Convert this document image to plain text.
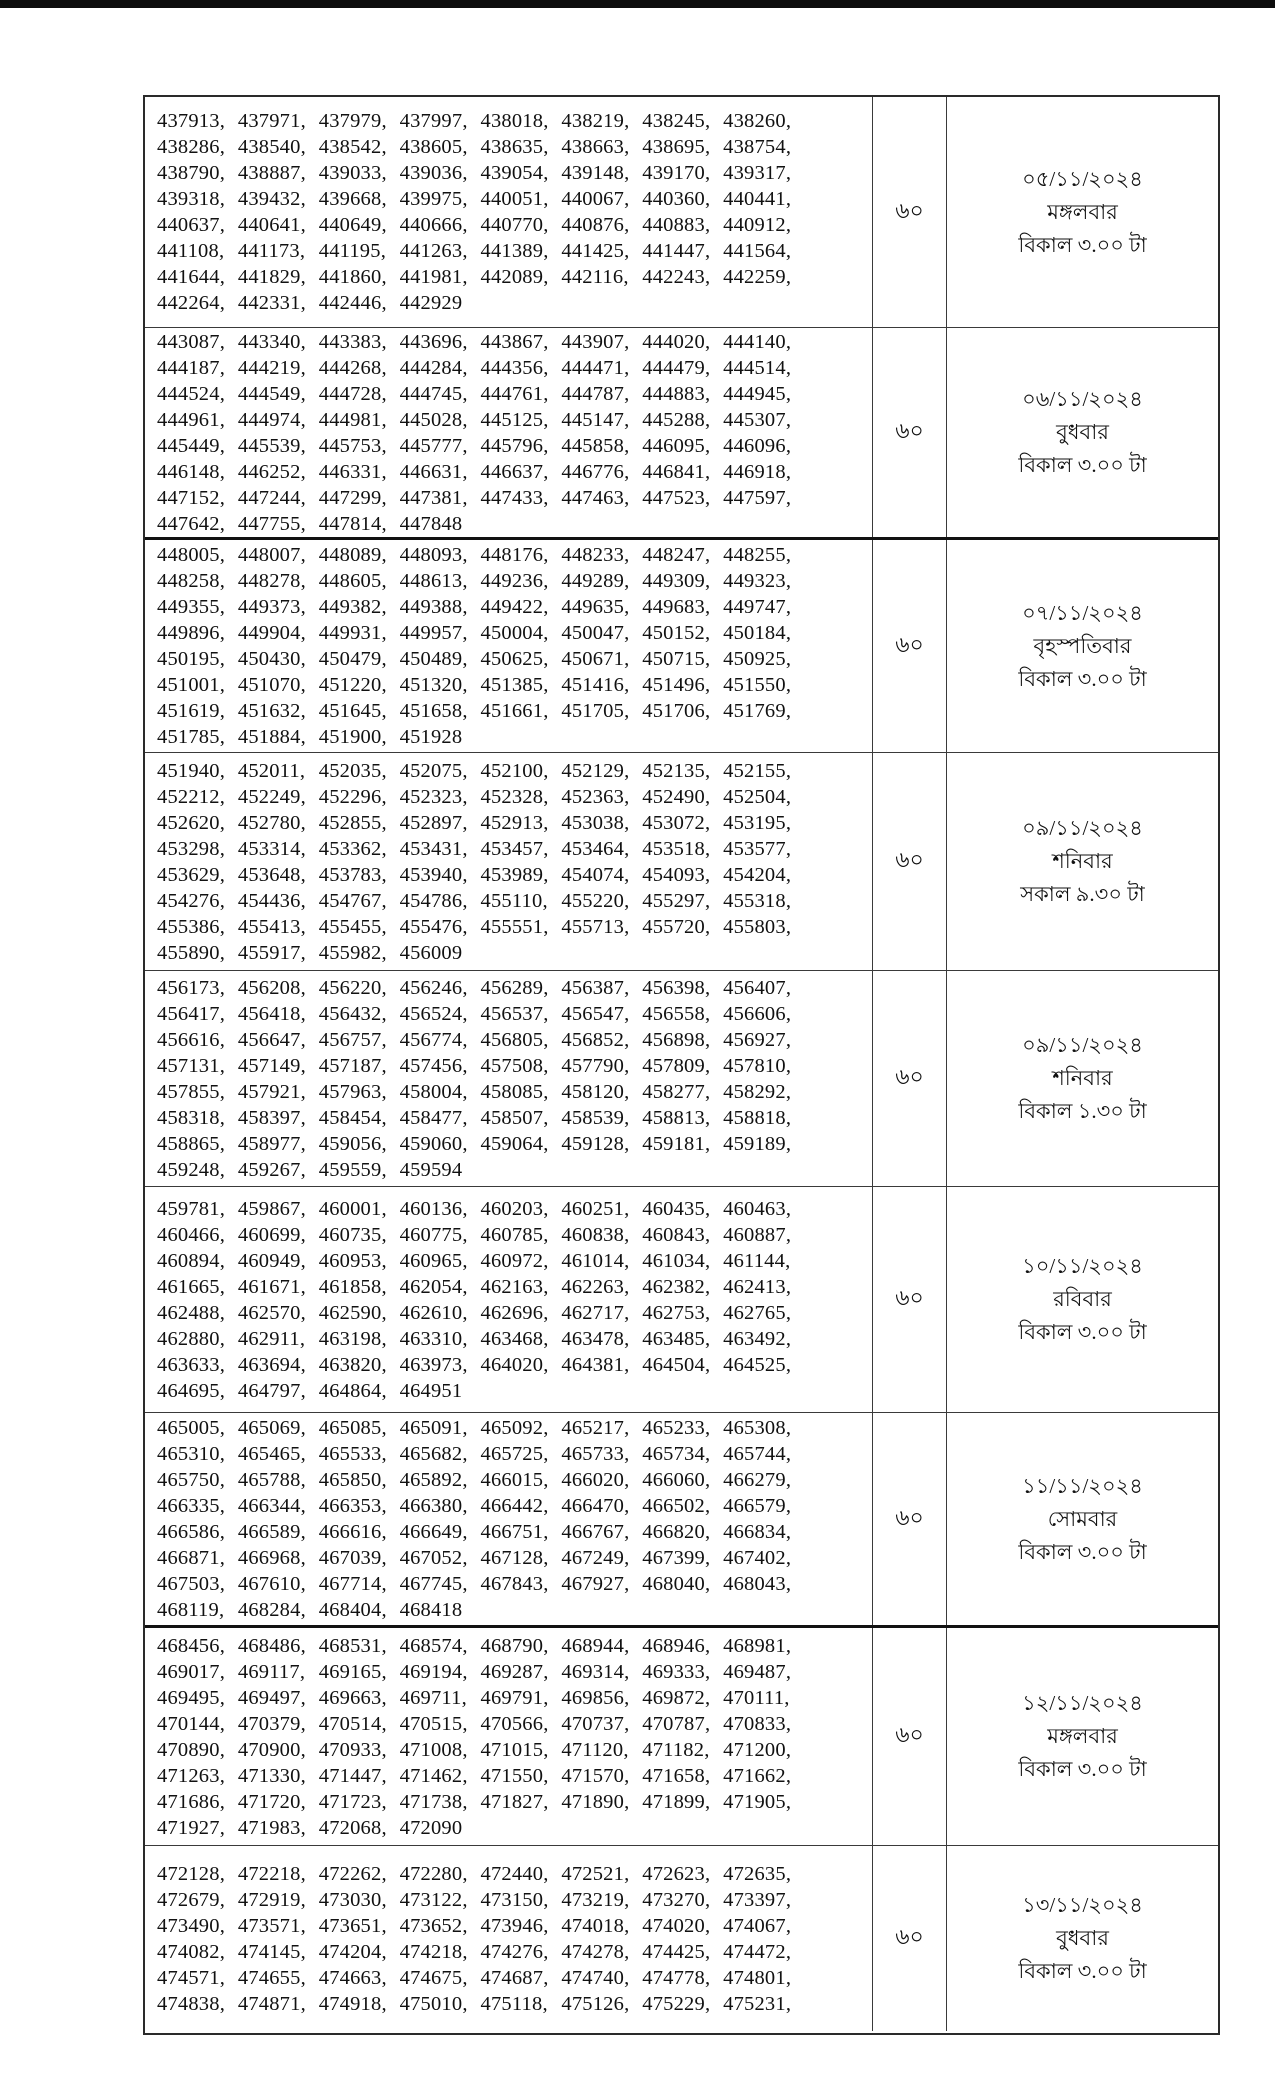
437913, 437971, 437979, 437997, 438018, 438219, 438245, 438260,
438286, 438540, 438542, 438605, 438635, 438663, 438695, 438754,
438790, 438887, 439033, 439036, 439054, 439148, 439170, 439317,
439318, 439432, 439668, 439975, 440051, 440067, 440360, 440441,
440637, 440641, 440649, 440666, 440770, 440876, 440883, 440912,
441108, 441173, 441195, 441263, 441389, 441425, 441447, 441564,
441644, 441829, 441860, 441981, 442089, 442116, 442243, 442259,
442264, 442331, 442446, 442929
৬০
০৫/১১/২০২৪
মঙ্গলবার
বিকাল ৩.০০ টা
443087, 443340, 443383, 443696, 443867, 443907, 444020, 444140,
444187, 444219, 444268, 444284, 444356, 444471, 444479, 444514,
444524, 444549, 444728, 444745, 444761, 444787, 444883, 444945,
444961, 444974, 444981, 445028, 445125, 445147, 445288, 445307,
445449, 445539, 445753, 445777, 445796, 445858, 446095, 446096,
446148, 446252, 446331, 446631, 446637, 446776, 446841, 446918,
447152, 447244, 447299, 447381, 447433, 447463, 447523, 447597,
447642, 447755, 447814, 447848
৬০
০৬/১১/২০২৪
বুধবার
বিকাল ৩.০০ টা
448005, 448007, 448089, 448093, 448176, 448233, 448247, 448255,
448258, 448278, 448605, 448613, 449236, 449289, 449309, 449323,
449355, 449373, 449382, 449388, 449422, 449635, 449683, 449747,
449896, 449904, 449931, 449957, 450004, 450047, 450152, 450184,
450195, 450430, 450479, 450489, 450625, 450671, 450715, 450925,
451001, 451070, 451220, 451320, 451385, 451416, 451496, 451550,
451619, 451632, 451645, 451658, 451661, 451705, 451706, 451769,
451785, 451884, 451900, 451928
৬০
০৭/১১/২০২৪
বৃহস্পতিবার
বিকাল ৩.০০ টা
451940, 452011, 452035, 452075, 452100, 452129, 452135, 452155,
452212, 452249, 452296, 452323, 452328, 452363, 452490, 452504,
452620, 452780, 452855, 452897, 452913, 453038, 453072, 453195,
453298, 453314, 453362, 453431, 453457, 453464, 453518, 453577,
453629, 453648, 453783, 453940, 453989, 454074, 454093, 454204,
454276, 454436, 454767, 454786, 455110, 455220, 455297, 455318,
455386, 455413, 455455, 455476, 455551, 455713, 455720, 455803,
455890, 455917, 455982, 456009
৬০
০৯/১১/২০২৪
শনিবার
সকাল ৯.৩০ টা
456173, 456208, 456220, 456246, 456289, 456387, 456398, 456407,
456417, 456418, 456432, 456524, 456537, 456547, 456558, 456606,
456616, 456647, 456757, 456774, 456805, 456852, 456898, 456927,
457131, 457149, 457187, 457456, 457508, 457790, 457809, 457810,
457855, 457921, 457963, 458004, 458085, 458120, 458277, 458292,
458318, 458397, 458454, 458477, 458507, 458539, 458813, 458818,
458865, 458977, 459056, 459060, 459064, 459128, 459181, 459189,
459248, 459267, 459559, 459594
৬০
০৯/১১/২০২৪
শনিবার
বিকাল ১.৩০ টা
459781, 459867, 460001, 460136, 460203, 460251, 460435, 460463,
460466, 460699, 460735, 460775, 460785, 460838, 460843, 460887,
460894, 460949, 460953, 460965, 460972, 461014, 461034, 461144,
461665, 461671, 461858, 462054, 462163, 462263, 462382, 462413,
462488, 462570, 462590, 462610, 462696, 462717, 462753, 462765,
462880, 462911, 463198, 463310, 463468, 463478, 463485, 463492,
463633, 463694, 463820, 463973, 464020, 464381, 464504, 464525,
464695, 464797, 464864, 464951
৬০
১০/১১/২০২৪
রবিবার
বিকাল ৩.০০ টা
465005, 465069, 465085, 465091, 465092, 465217, 465233, 465308,
465310, 465465, 465533, 465682, 465725, 465733, 465734, 465744,
465750, 465788, 465850, 465892, 466015, 466020, 466060, 466279,
466335, 466344, 466353, 466380, 466442, 466470, 466502, 466579,
466586, 466589, 466616, 466649, 466751, 466767, 466820, 466834,
466871, 466968, 467039, 467052, 467128, 467249, 467399, 467402,
467503, 467610, 467714, 467745, 467843, 467927, 468040, 468043,
468119, 468284, 468404, 468418
৬০
১১/১১/২০২৪
সোমবার
বিকাল ৩.০০ টা
468456, 468486, 468531, 468574, 468790, 468944, 468946, 468981,
469017, 469117, 469165, 469194, 469287, 469314, 469333, 469487,
469495, 469497, 469663, 469711, 469791, 469856, 469872, 470111,
470144, 470379, 470514, 470515, 470566, 470737, 470787, 470833,
470890, 470900, 470933, 471008, 471015, 471120, 471182, 471200,
471263, 471330, 471447, 471462, 471550, 471570, 471658, 471662,
471686, 471720, 471723, 471738, 471827, 471890, 471899, 471905,
471927, 471983, 472068, 472090
৬০
১২/১১/২০২৪
মঙ্গলবার
বিকাল ৩.০০ টা
472128, 472218, 472262, 472280, 472440, 472521, 472623, 472635,
472679, 472919, 473030, 473122, 473150, 473219, 473270, 473397,
473490, 473571, 473651, 473652, 473946, 474018, 474020, 474067,
474082, 474145, 474204, 474218, 474276, 474278, 474425, 474472,
474571, 474655, 474663, 474675, 474687, 474740, 474778, 474801,
474838, 474871, 474918, 475010, 475118, 475126, 475229, 475231,
৬০
১৩/১১/২০২৪
বুধবার
বিকাল ৩.০০ টা
